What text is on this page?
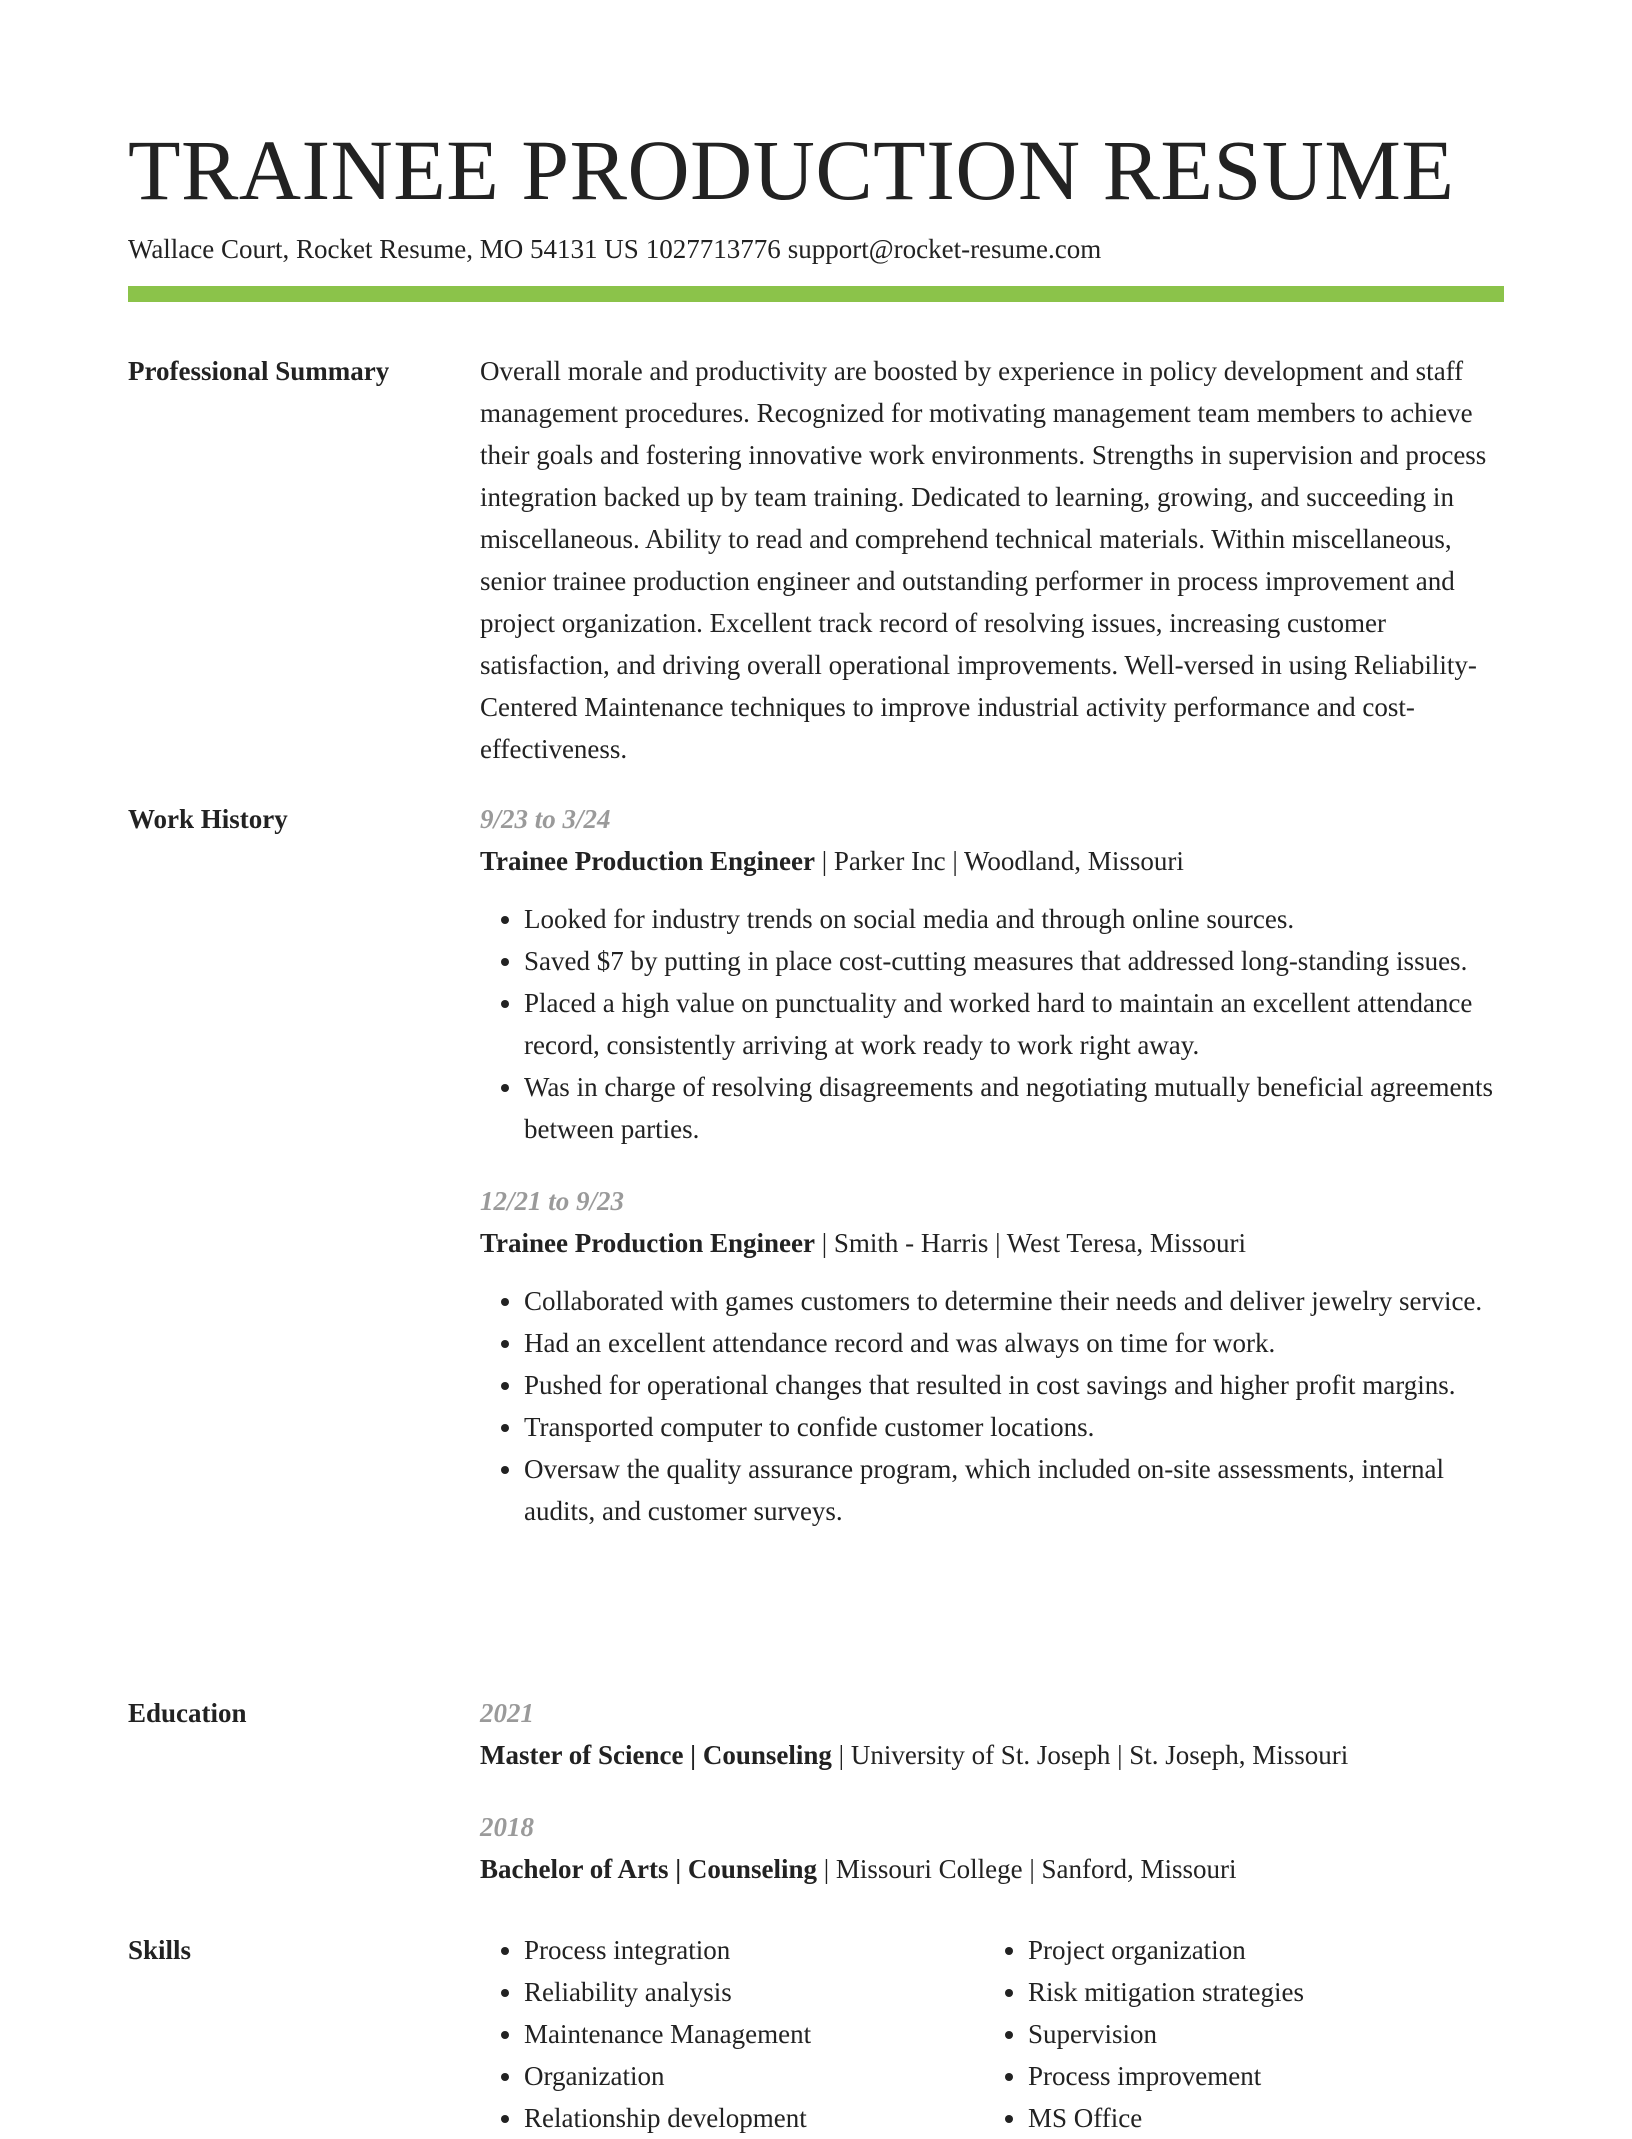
TRAINEE PRODUCTION RESUME
Wallace Court, Rocket Resume, MO 54131 US 1027713776 support@rocket-resume.com
Professional Summary	Overall morale and productivity are boosted by experience in policy development and staff management procedures. Recognized for motivating management team members to achieve their goals and fostering innovative work environments. Strengths in supervision and process integration backed up by team training. Dedicated to learning, growing, and succeeding in miscellaneous. Ability to read and comprehend technical materials. Within miscellaneous, senior trainee production engineer and outstanding performer in process improvement and project organization. Excellent track record of resolving issues, increasing customer satisfaction, and driving overall operational improvements. Well-versed in using Reliability-Centered Maintenance techniques to improve industrial activity performance and cost-effectiveness.

Work History	9/23 to 3/24
Trainee Production Engineer | Parker Inc | Woodland, Missouri
• Looked for industry trends on social media and through online sources.
• Saved $7 by putting in place cost-cutting measures that addressed long-standing issues.
• Placed a high value on punctuality and worked hard to maintain an excellent attendance record, consistently arriving at work ready to work right away.
• Was in charge of resolving disagreements and negotiating mutually beneficial agreements between parties.
12/21 to 9/23
Trainee Production Engineer | Smith - Harris | West Teresa, Missouri
• Collaborated with games customers to determine their needs and deliver jewelry service.
• Had an excellent attendance record and was always on time for work.
• Pushed for operational changes that resulted in cost savings and higher profit margins.
• Transported computer to confide customer locations.
• Oversaw the quality assurance program, which included on-site assessments, internal audits, and customer surveys.
Education	2021
Master of Science | Counseling | University of St. Joseph | St. Joseph, Missouri
2018
Bachelor of Arts | Counseling | Missouri College | Sanford, Missouri
Skills
•	Process integration
• Reliability analysis
• Maintenance Management
• Organization
• Relationship development
• Project organization
• Risk mitigation strategies
• Supervision
• Process improvement
• MS Office
